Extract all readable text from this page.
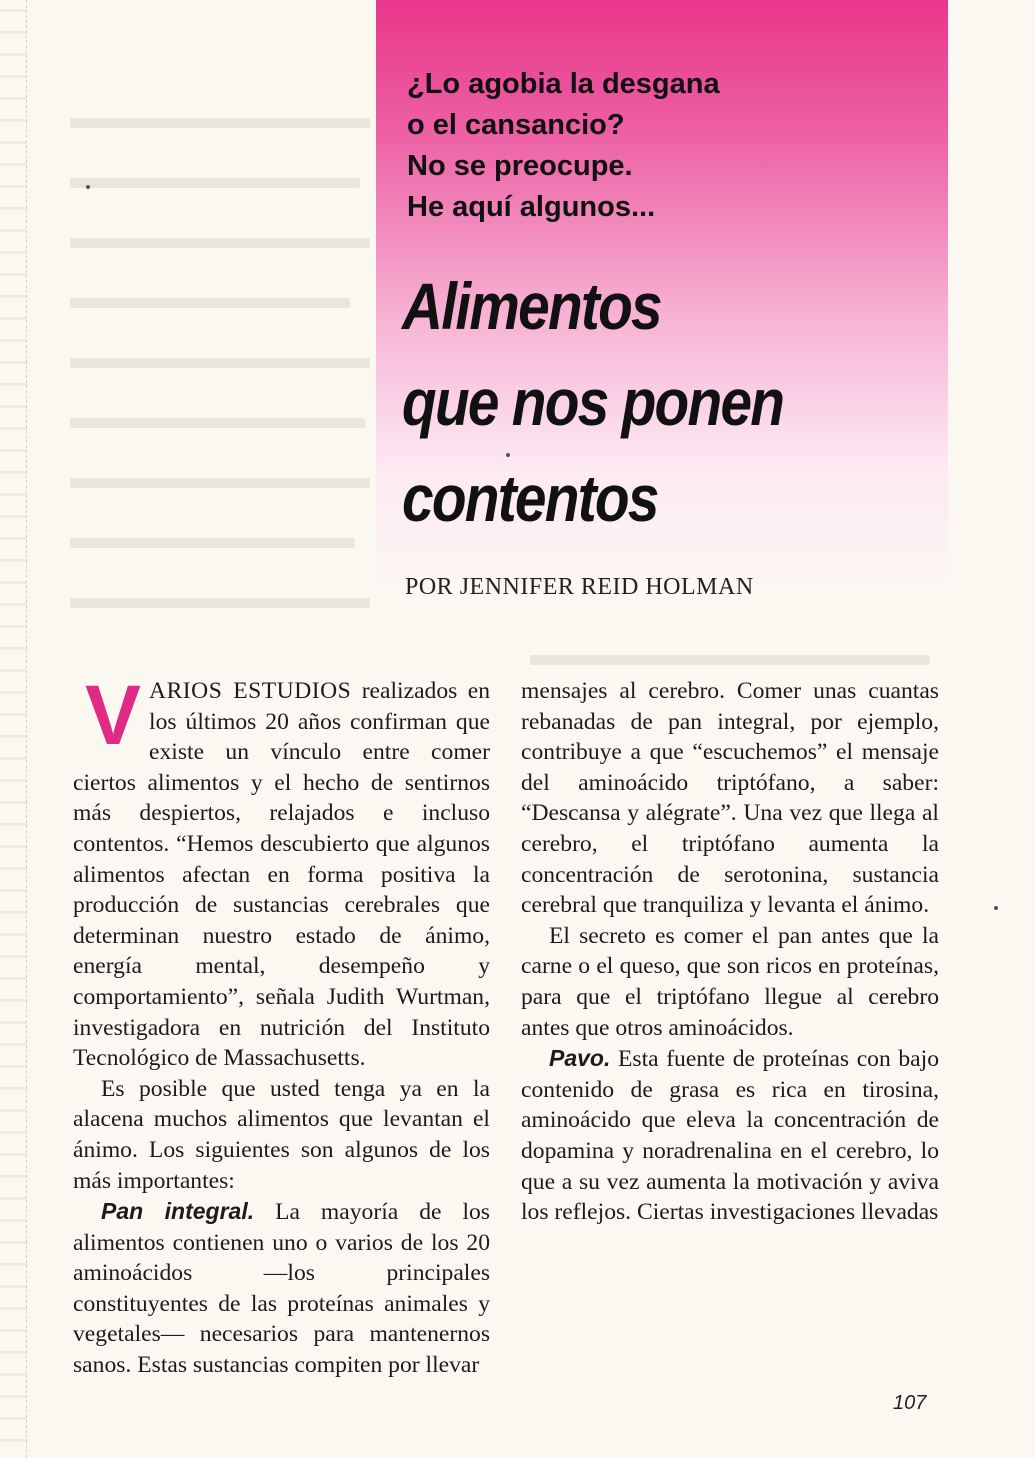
¿Lo agobia la desgana
o el cansancio?
No se preocupe.
He aquí algunos...
Alimentos
que nos ponen
contentos
POR JENNIFER REID HOLMAN

VARIOS ESTUDIOS realizados en los últimos 20 años confirman que existe un vínculo entre comer ciertos alimentos y el hecho de sentirnos más despiertos, relajados e incluso contentos. “Hemos descubierto que algunos alimentos afectan en forma positiva la producción de sustancias cerebrales que determinan nuestro estado de ánimo, energía mental, desempeño y comportamiento”, señala Judith Wurtman, investigadora en nutrición del Instituto Tecnológico de Massachusetts.

Es posible que usted tenga ya en la alacena muchos alimentos que levantan el ánimo. Los siguientes son algunos de los más importantes:

Pan integral. La mayoría de los alimentos contienen uno o varios de los 20 aminoácidos —los principales constituyentes de las proteínas animales y vegetales— necesarios para mantenernos sanos. Estas sustancias compiten por llevar

mensajes al cerebro. Comer unas cuantas rebanadas de pan integral, por ejemplo, contribuye a que “escuchemos” el mensaje del aminoácido triptófano, a saber: “Descansa y alégrate”. Una vez que llega al cerebro, el triptófano aumenta la concentración de serotonina, sustancia cerebral que tranquiliza y levanta el ánimo.

El secreto es comer el pan antes que la carne o el queso, que son ricos en proteínas, para que el triptófano llegue al cerebro antes que otros aminoácidos.

Pavo. Esta fuente de proteínas con bajo contenido de grasa es rica en tirosina, aminoácido que eleva la concentración de dopamina y noradrenalina en el cerebro, lo que a su vez aumenta la motivación y aviva los reflejos. Ciertas investigaciones llevadas

107
